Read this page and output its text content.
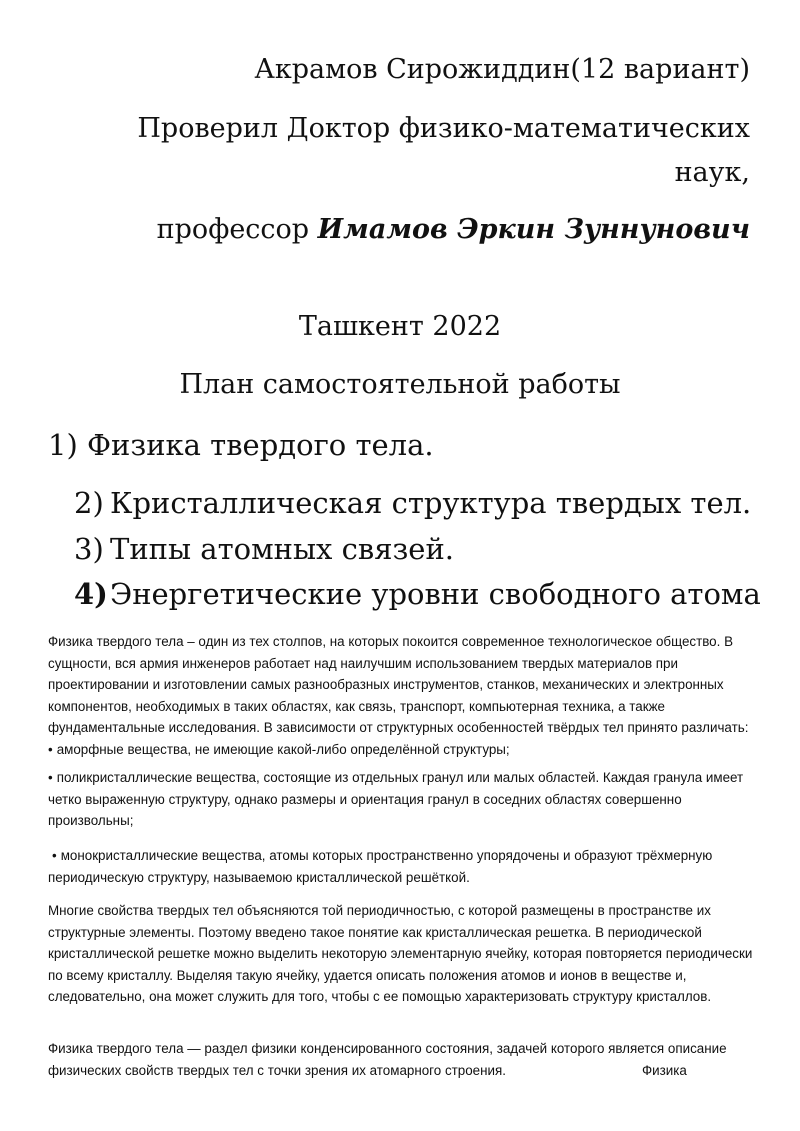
Акрамов Сирожиддин(12 вариант)
Проверил Доктор физико-математических
наук,
профессор Имамов Эркин Зуннунович
Ташкент 2022
План самостоятельной работы
1) Физика твердого тела.
2) Кристаллическая структура твердых тел.
3) Типы атомных связей.
4)Энергетические уровни свободного атома

Физика твердого тела – один из тех столпов, на которых покоится современное технологическое общество. В сущности, вся армия инженеров работает над наилучшим использованием твердых материалов при проектировании и изготовлении самых разнообразных инструментов, станков, механических и электронных компонентов, необходимых в таких областях, как связь, транспорт, компьютерная техника, а также фундаментальные исследования. В зависимости от структурных особенностей твёрдых тел принято различать:

• аморфные вещества, не имеющие какой-либо определённой структуры;

• поликристаллические вещества, состоящие из отдельных гранул или малых областей. Каждая гранула имеет четко выраженную структуру, однако размеры и ориентация гранул в соседних областях совершенно произвольны;

• монокристаллические вещества, атомы которых пространственно упорядочены и образуют трёхмерную периодическую структуру, называемою кристаллической решёткой.

Многие свойства твердых тел объясняются той периодичностью, с которой размещены в пространстве их структурные элементы. Поэтому введено такое понятие как кристаллическая решетка. В периодической кристаллической решетке можно выделить некоторую элементарную ячейку, которая повторяется периодически по всему кристаллу. Выделяя такую ячейку, удается описать положения атомов и ионов в веществе и, следовательно, она может служить для того, чтобы с ее помощью характеризовать структуру кристаллов.

Физика твердого тела — раздел физики конденсированного состояния, задачей которого является описание

физических свойств твердых тел с точки зрения их атомарного строения.	Физика
